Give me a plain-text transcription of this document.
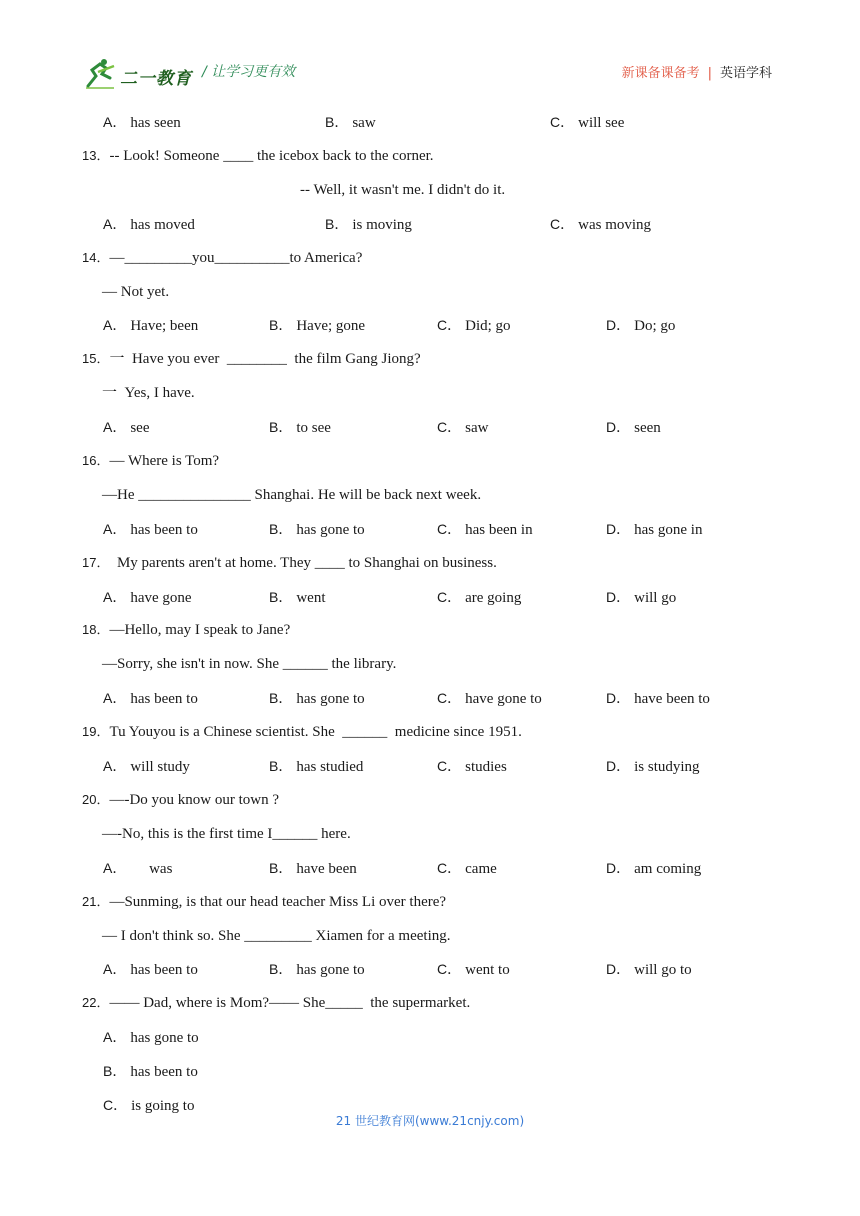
二一教育 / 让学习更有效	新课备课备考 | 英语学科
A． has seen	B． saw	C． will see
13．-- Look! Someone ____ the icebox back to the corner.
-- Well, it wasn't me. I didn't do it.
A． has moved	B． is moving	C． was moving
14．—_________you__________to America?
— Not yet.
A． Have; been	B． Have; gone	C． Did; go	D． Do; go
15．一  Have you ever  ________  the film Gang Jiong?
一  Yes, I have.
A． see	B． to see	C． saw	D． seen
16．— Where is Tom?
—He _______________ Shanghai. He will be back next week.
A． has been to	B． has gone to	C． has been in	D． has gone in
17．  My parents aren't at home. They ____ to Shanghai on business.
A． have gone	B． went	C． are going	D． will go
18．—Hello, may I speak to Jane?
—Sorry, she isn't in now. She ______ the library.
A． has been to	B． has gone to	C． have gone to	D． have been to
19．Tu Youyou is a Chinese scientist. She  ______  medicine since 1951.
A． will study	B． has studied	C． studies	D． is studying
20．—-Do you know our town ?
—-No, this is the first time I______ here.
A．     was	B． have been	C． came	D． am coming
21．—Sunming, is that our head teacher Miss Li over there?
— I don't think so. She _________ Xiamen for a meeting.
A． has been to	B． has gone to	C． went to	D． will go to
22．—— Dad, where is Mom?—— She_____  the supermarket.
A． has gone to
B． has been to
C． is going to
21 世纪教育网(www.21cnjy.com)
